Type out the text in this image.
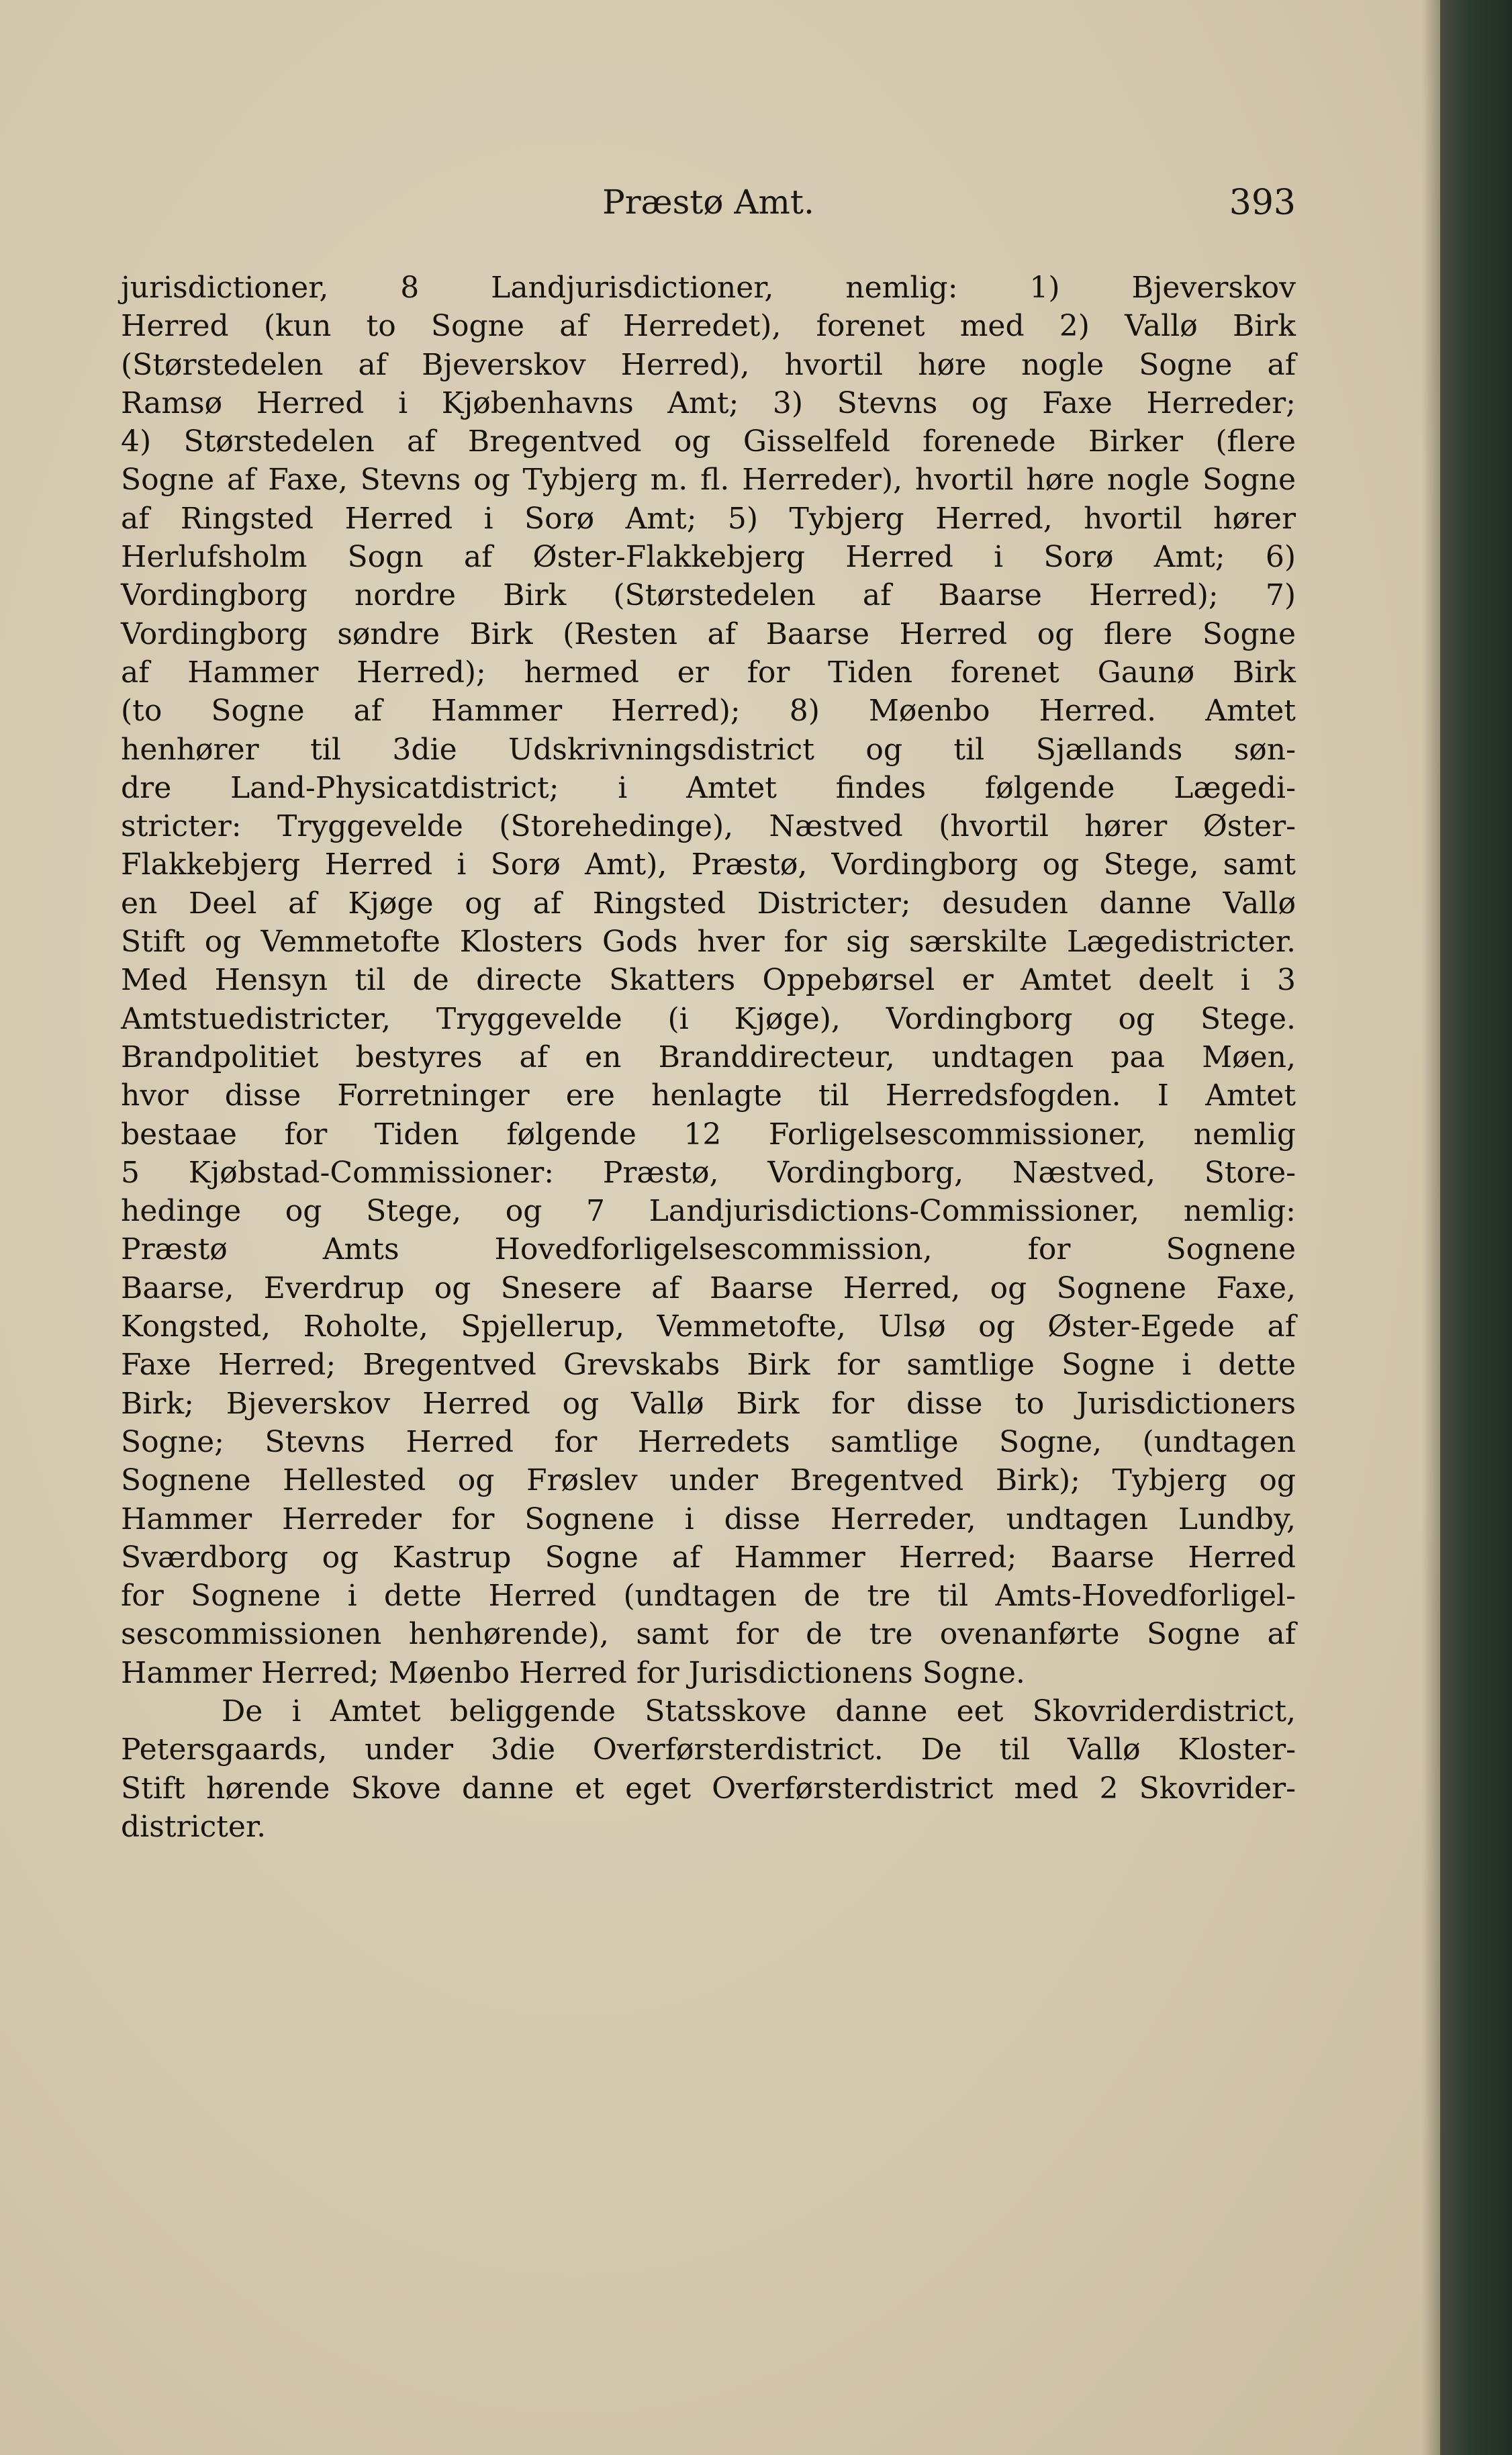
Præstø Amt.	393
jurisdictioner, 8 Landjurisdictioner, nemlig: 1) Bjeverskov
Herred (kun to Sogne af Herredet), forenet med 2) Vallø Birk
(Størstedelen af Bjeverskov Herred), hvortil høre nogle Sogne af
Ramsø Herred i Kjøbenhavns Amt; 3) Stevns og Faxe Herreder;
4) Størstedelen af Bregentved og Gisselfeld forenede Birker (flere
Sogne af Faxe, Stevns og Tybjerg m. fl. Herreder), hvortil høre nogle Sogne
af Ringsted Herred i Sorø Amt; 5) Tybjerg Herred, hvortil hører
Herlufsholm Sogn af Øster-Flakkebjerg Herred i Sorø Amt; 6)
Vordingborg nordre Birk (Størstedelen af Baarse Herred); 7)
Vordingborg søndre Birk (Resten af Baarse Herred og flere Sogne
af Hammer Herred); hermed er for Tiden forenet Gaunø Birk
(to Sogne af Hammer Herred); 8) Møenbo Herred. Amtet
henhører til 3die Udskrivningsdistrict og til Sjællands søn-
dre Land-Physicatdistrict; i Amtet findes følgende Lægedi-
stricter: Tryggevelde (Storehedinge), Næstved (hvortil hører Øster-
Flakkebjerg Herred i Sorø Amt), Præstø, Vordingborg og Stege, samt
en Deel af Kjøge og af Ringsted Districter; desuden danne Vallø
Stift og Vemmetofte Klosters Gods hver for sig særskilte Lægedistricter.
Med Hensyn til de directe Skatters Oppebørsel er Amtet deelt i 3
Amtstuedistricter, Tryggevelde (i Kjøge), Vordingborg og Stege.
Brandpolitiet bestyres af en Branddirecteur, undtagen paa Møen,
hvor disse Forretninger ere henlagte til Herredsfogden. I Amtet
bestaae for Tiden følgende 12 Forligelsescommissioner, nemlig
5 Kjøbstad-Commissioner: Præstø, Vordingborg, Næstved, Store-
hedinge og Stege, og 7 Landjurisdictions-Commissioner, nemlig:
Præstø Amts Hovedforligelsescommission, for Sognene
Baarse, Everdrup og Snesere af Baarse Herred, og Sognene Faxe,
Kongsted, Roholte, Spjellerup, Vemmetofte, Ulsø og Øster-Egede af
Faxe Herred; Bregentved Grevskabs Birk for samtlige Sogne i dette
Birk; Bjeverskov Herred og Vallø Birk for disse to Jurisdictioners
Sogne; Stevns Herred for Herredets samtlige Sogne, (undtagen
Sognene Hellested og Frøslev under Bregentved Birk); Tybjerg og
Hammer Herreder for Sognene i disse Herreder, undtagen Lundby,
Sværdborg og Kastrup Sogne af Hammer Herred; Baarse Herred
for Sognene i dette Herred (undtagen de tre til Amts-Hovedforligel-
sescommissionen henhørende), samt for de tre ovenanførte Sogne af
Hammer Herred; Møenbo Herred for Jurisdictionens Sogne.
De i Amtet beliggende Statsskove danne eet Skovriderdistrict,
Petersgaards, under 3die Overførsterdistrict. De til Vallø Kloster-
Stift hørende Skove danne et eget Overførsterdistrict med 2 Skovrider-
districter.
